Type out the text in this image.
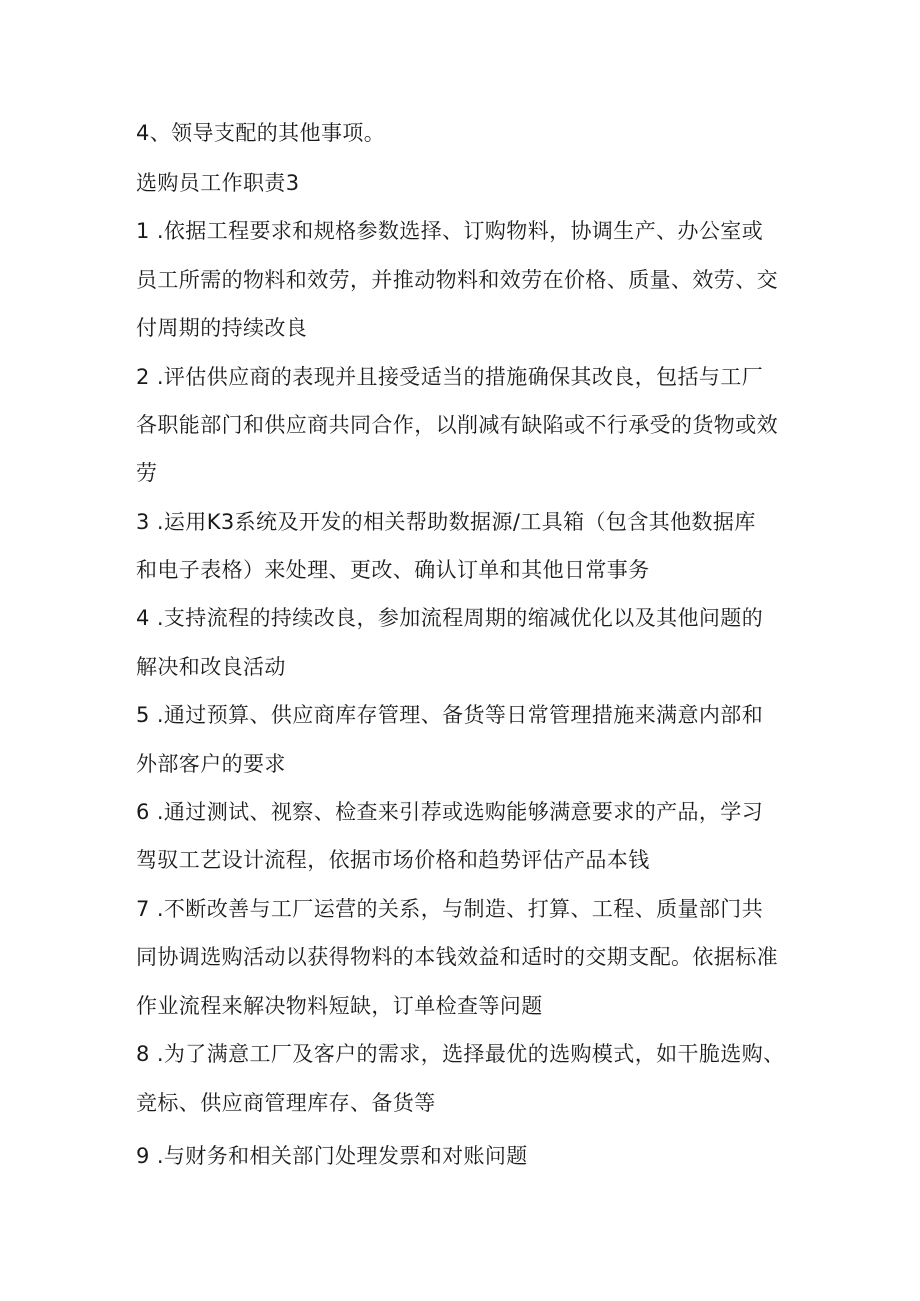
4、领导支配的其他事项。
选购员工作职责3
1 .依据工程要求和规格参数选择、订购物料，协调生产、办公室或
员工所需的物料和效劳，并推动物料和效劳在价格、质量、效劳、交
付周期的持续改良
2 .评估供应商的表现并且接受适当的措施确保其改良，包括与工厂
各职能部门和供应商共同合作，以削减有缺陷或不行承受的货物或效
劳
3 .运用K3系统及开发的相关帮助数据源/工具箱（包含其他数据库
和电子表格）来处理、更改、确认订单和其他日常事务
4 .支持流程的持续改良，参加流程周期的缩减优化以及其他问题的
解决和改良活动
5 .通过预算、供应商库存管理、备货等日常管理措施来满意内部和
外部客户的要求
6 .通过测试、视察、检查来引荐或选购能够满意要求的产品，学习
驾驭工艺设计流程，依据市场价格和趋势评估产品本钱
7 .不断改善与工厂运营的关系，与制造、打算、工程、质量部门共
同协调选购活动以获得物料的本钱效益和适时的交期支配。依据标准
作业流程来解决物料短缺，订单检查等问题
8 .为了满意工厂及客户的需求，选择最优的选购模式，如干脆选购、
竞标、供应商管理库存、备货等
9 .与财务和相关部门处理发票和对账问题
